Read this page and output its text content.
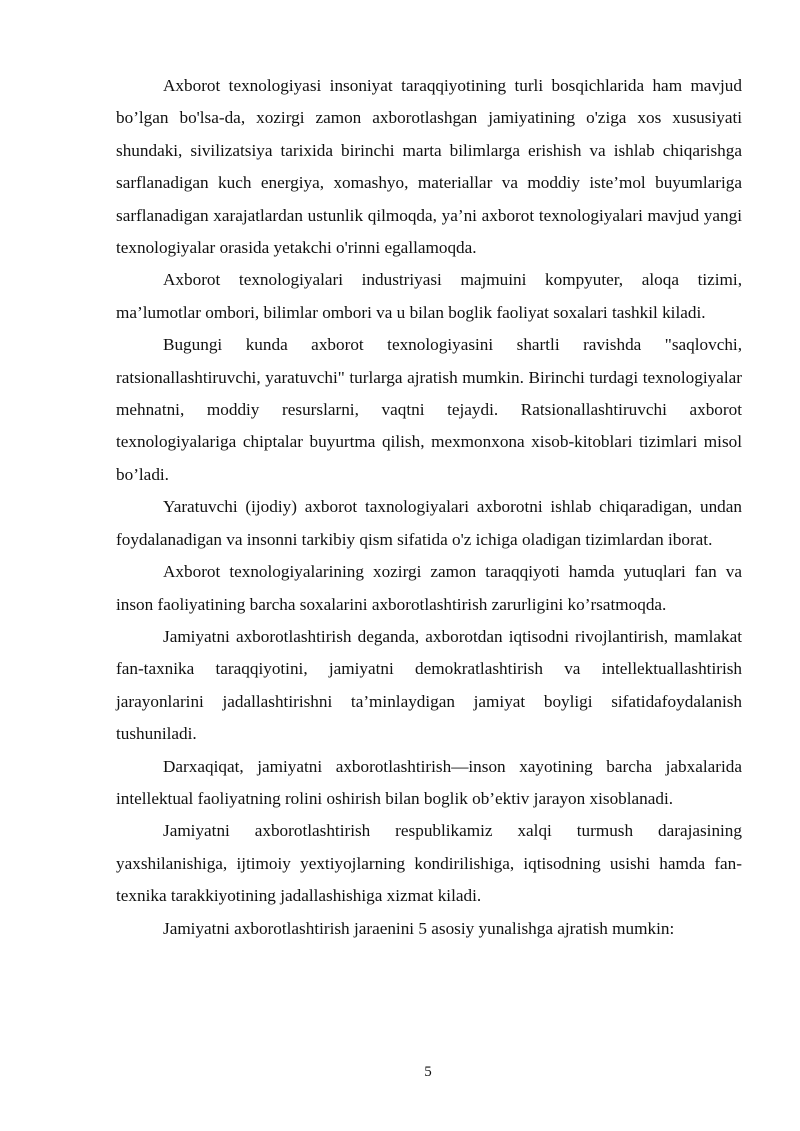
Axborot texnologiyasi insoniyat taraqqiyotining turli bosqichlarida ham mavjud bo’lgan bo'lsa-da, xozirgi zamon axborotlashgan jamiyatining o'ziga xos xususiyati shundaki, sivilizatsiya tarixida birinchi marta bilimlarga erishish va ishlab chiqarishga sarflanadigan kuch energiya, xomashyo, materiallar va moddiy iste’mol buyumlariga sarflanadigan xarajatlardan ustunlik qilmoqda, ya’ni axborot texnologiyalari mavjud yangi texnologiyalar orasida yetakchi o'rinni egallamoqda.

Axborot texnologiyalari industriyasi majmuini kompyuter, aloqa tizimi, ma’lumotlar ombori, bilimlar ombori va u bilan boglik faoliyat soxalari tashkil kiladi.

Bugungi kunda axborot texnologiyasini shartli ravishda "saqlovchi, ratsionallashtiruvchi, yaratuvchi" turlarga ajratish mumkin. Birinchi turdagi texnologiyalar mehnatni, moddiy resurslarni, vaqtni tejaydi. Ratsionallashtiruvchi axborot texnologiyalariga chiptalar buyurtma qilish, mexmonxona xisob-kitoblari tizimlari misol bo’ladi.

Yaratuvchi (ijodiy) axborot taxnologiyalari axborotni ishlab chiqaradigan, undan foydalanadigan va insonni tarkibiy qism sifatida o'z ichiga oladigan tizimlardan iborat.

Axborot texnologiyalarining xozirgi zamon taraqqiyoti hamda yutuqlari fan va inson faoliyatining barcha soxalarini axborotlashtirish zarurligini ko’rsatmoqda.

Jamiyatni axborotlashtirish deganda, axborotdan iqtisodni rivojlantirish, mamlakat fan-taxnika taraqqiyotini, jamiyatni demokratlashtirish va intellektuallashtirish jarayonlarini jadallashtirishni ta’minlaydigan jamiyat boyligi sifatidafoydalanish tushuniladi.

Darxaqiqat, jamiyatni axborotlashtirish—inson xayotining barcha jabxalarida intellektual faoliyatning rolini oshirish bilan boglik ob’ektiv jarayon xisoblanadi.

Jamiyatni axborotlashtirish respublikamiz xalqi turmush darajasining yaxshilanishiga, ijtimoiy yextiyojlarning kondirilishiga, iqtisodning usishi hamda fan-texnika tarakkiyotining jadallashishiga xizmat kiladi.

Jamiyatni axborotlashtirish jaraenini 5 asosiy yunalishga ajratish mumkin:

5
